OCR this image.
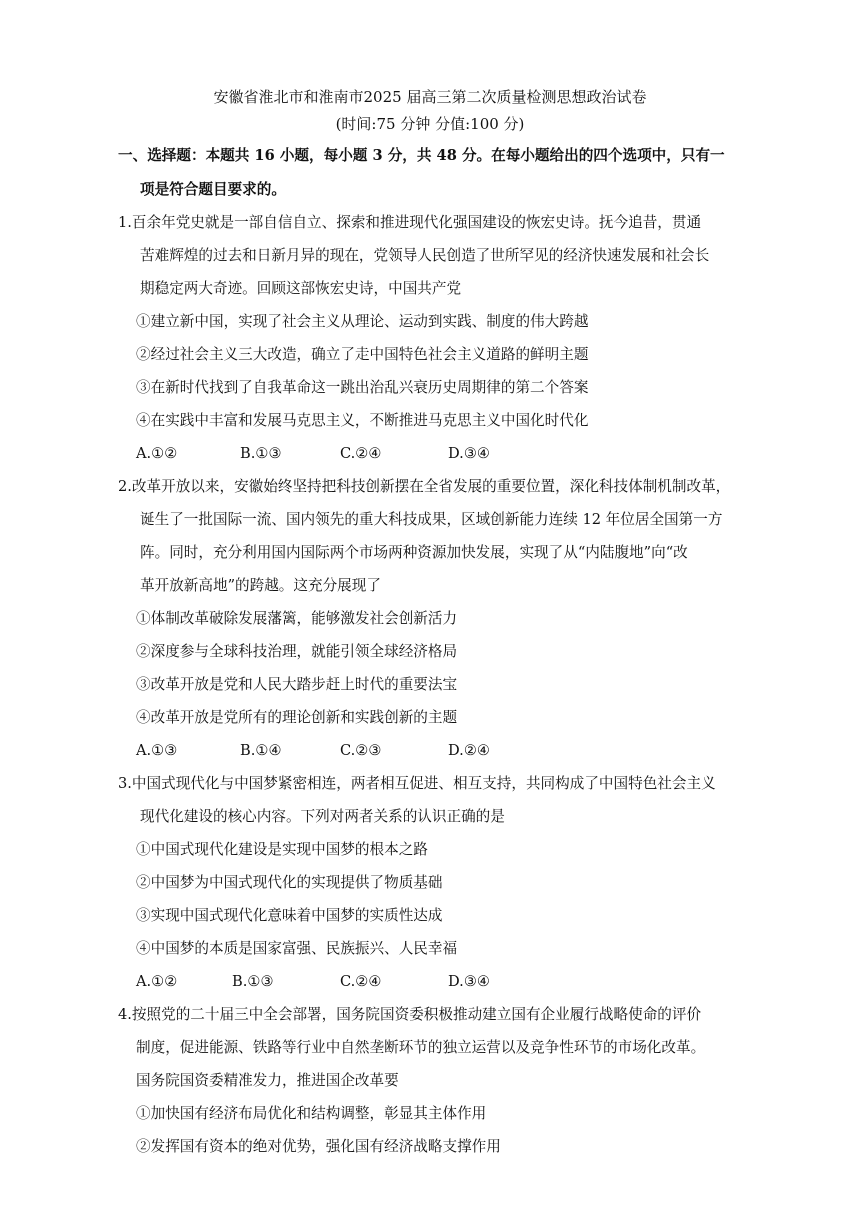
安徽省淮北市和淮南市2025 届高三第二次质量检测思想政治试卷
(时间:75 分钟 分值:100 分)
一、选择题：本题共 16 小题，每小题 3 分，共 48 分。在每小题给出的四个选项中，只有一
项是符合题目要求的。
1.百余年党史就是一部自信自立、探索和推进现代化强国建设的恢宏史诗。抚今追昔，贯通
苦难辉煌的过去和日新月异的现在，党领导人民创造了世所罕见的经济快速发展和社会长
期稳定两大奇迹。回顾这部恢宏史诗，中国共产党
①建立新中国，实现了社会主义从理论、运动到实践、制度的伟大跨越
②经过社会主义三大改造，确立了走中国特色社会主义道路的鲜明主题
③在新时代找到了自我革命这一跳出治乱兴衰历史周期律的第二个答案
④在实践中丰富和发展马克思主义，不断推进马克思主义中国化时代化
A.①②	B.①③	C.②④	D.③④
2.改革开放以来，安徽始终坚持把科技创新摆在全省发展的重要位置，深化科技体制机制改革，
诞生了一批国际一流、国内领先的重大科技成果，区域创新能力连续 12 年位居全国第一方
阵。同时，充分利用国内国际两个市场两种资源加快发展，实现了从“内陆腹地”向“改
革开放新高地”的跨越。这充分展现了
①体制改革破除发展藩篱，能够激发社会创新活力
②深度参与全球科技治理，就能引领全球经济格局
③改革开放是党和人民大踏步赶上时代的重要法宝
④改革开放是党所有的理论创新和实践创新的主题
A.①③	B.①④	C.②③	D.②④
3.中国式现代化与中国梦紧密相连，两者相互促进、相互支持，共同构成了中国特色社会主义
现代化建设的核心内容。下列对两者关系的认识正确的是
①中国式现代化建设是实现中国梦的根本之路
②中国梦为中国式现代化的实现提供了物质基础
③实现中国式现代化意味着中国梦的实质性达成
④中国梦的本质是国家富强、民族振兴、人民幸福
A.①②	B.①③	C.②④	D.③④
4.按照党的二十届三中全会部署，国务院国资委积极推动建立国有企业履行战略使命的评价
制度，促进能源、铁路等行业中自然垄断环节的独立运营以及竞争性环节的市场化改革。
国务院国资委精准发力，推进国企改革要
①加快国有经济布局优化和结构调整，彰显其主体作用
②发挥国有资本的绝对优势，强化国有经济战略支撑作用
